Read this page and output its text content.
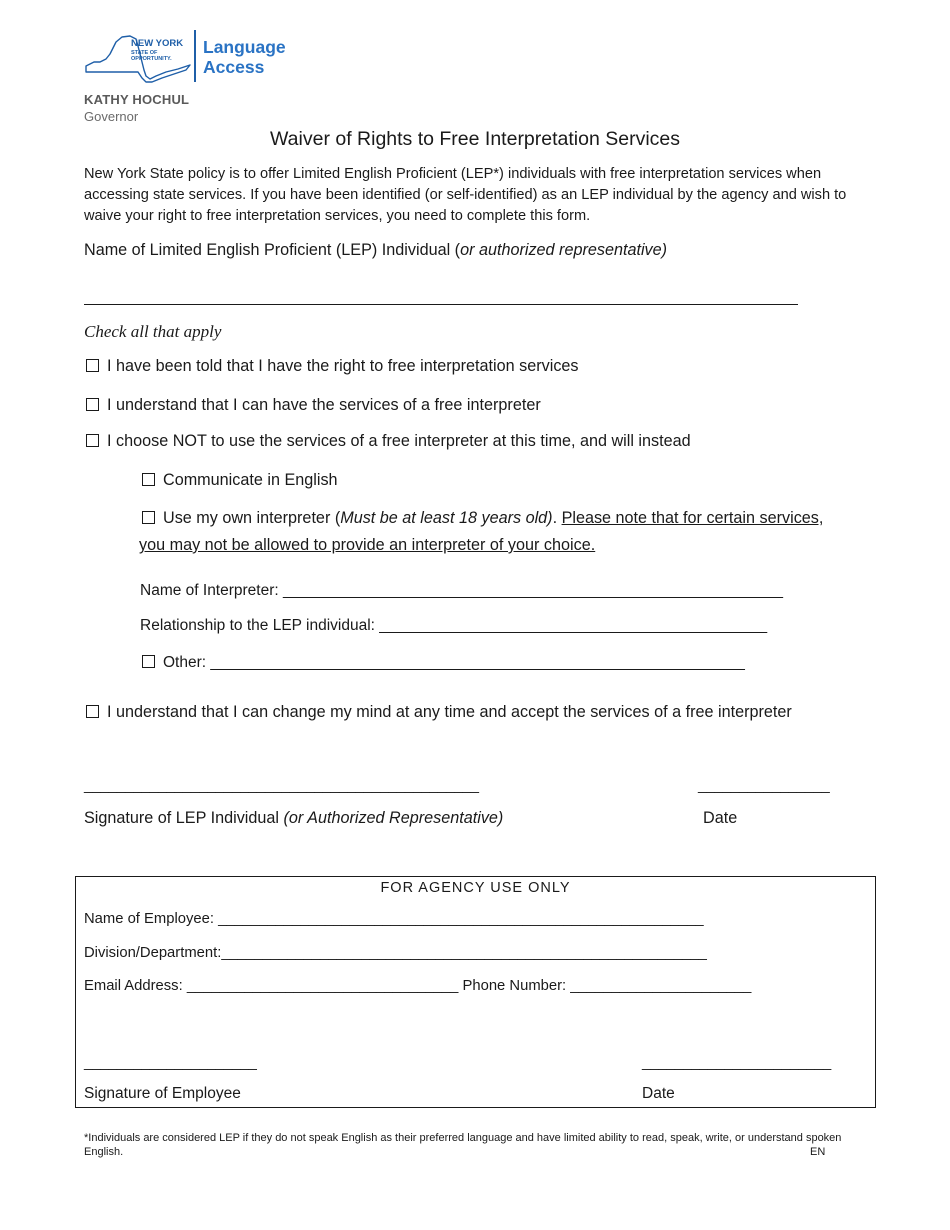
NEW YORK
STATE OF OPPORTUNITY.
Language
Access
KATHY HOCHUL
Governor
Waiver of Rights to Free Interpretation Services
New York State policy is to offer Limited English Proficient (LEP*) individuals with free interpretation services when accessing state services. If you have been identified (or self-identified) as an LEP individual by the agency and wish to waive your right to free interpretation services, you need to complete this form.
Name of Limited English Proficient (LEP) Individual (or authorized representative)
Check all that apply
I have been told that I have the right to free interpretation services
I understand that I can have the services of a free interpreter
I choose NOT to use the services of a free interpreter at this time, and will instead
Communicate in English
Use my own interpreter (Must be at least 18 years old). Please note that for certain services,
you may not be allowed to provide an interpreter of your choice.
Name of Interpreter: __________________________________________________________
Relationship to the LEP individual: _____________________________________________
Other: ______________________________________________________________
I understand that I can change my mind at any time and accept the services of a free interpreter
________________________________________________	________________
Signature of LEP Individual (or Authorized Representative)	Date
FOR AGENCY USE ONLY
Name of Employee: ___________________________________________________________
Division/Department:___________________________________________________________
Email Address: _________________________________ Phone Number: ______________________
_____________________	_______________________
Signature of Employee	Date
*Individuals are considered LEP if they do not speak English as their preferred language and have limited ability to read, speak, write, or understand spoken English.	EN
